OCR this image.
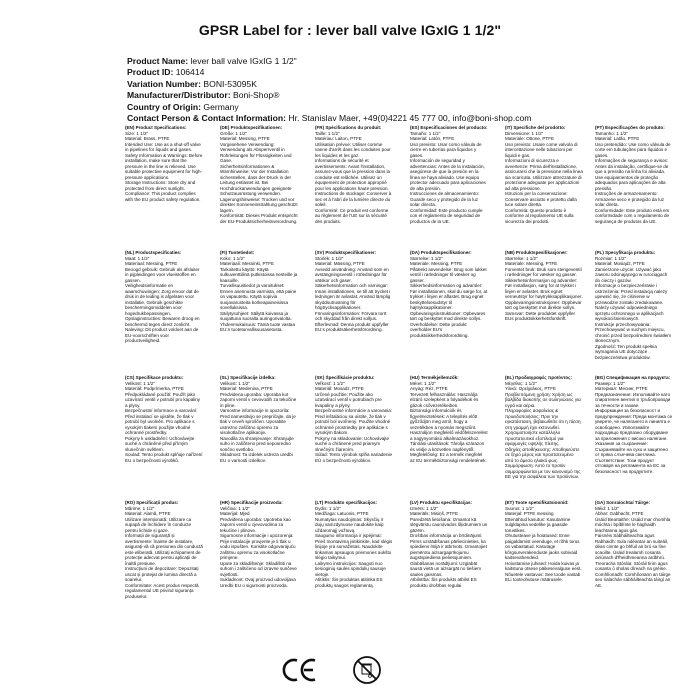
GPSR Label for : lever ball valve IGxIG 1 1/2"
Product Name: lever ball valve IGxIG 1 1/2"
Product ID: 106414
Variation Number: BONI-53095K
Manufacturer/Distributor: Boni-Shop®
Country of Origin: Germany
Contact Person & Contact Information: Hr. Stanislav Maer, +49(0)4221 45 777 00, info@boni-shop.com
(EN) Product Specifications:
Size: 1 1/2"
Material: Brass, PTFE
Intended Use: Use as a shut-off valve in pipelines for liquids and gases.
Safety Information & Warnings: Before installation, make sure that the pressure in the line is relieved. Use suitable protective equipment for high-pressure applications.
Storage Instructions: Store dry and protected from direct sunlight.
Compliance: This product complies with the EU product safety regulation.
(DE) Produktspezifikationen:
Größe: 1 1/2"
Material: Messing, PTFE
Vorgesehene Verwendung: Verwendung als Absperrventil in Rohrleitungen für Flüssigkeiten und Gase.
Sicherheitsinformationen & Warnhinweise: Vor der Installation sicherstellen, dass der Druck in der Leitung entlastet ist. Bei Hochdruckanwendungen geeignete Schutzausrüstung verwenden.
Lagerungshinweise: Trocken und vor direkter Sonneneinstrahlung geschützt lagern.
Konformität: Dieses Produkt entspricht der EU-Produktsicherheitsverordnung.
(FR) Spécifications du produit:
Taille: 1 1/2"
Matériau: Laiton, PTFE
Utilisation prévue: Utiliser comme vanne d'arrêt dans les conduites pour les liquides et les gaz.
Informations de sécurité et avertissements: Avant l'installation, assurez-vous que la pression dans la conduite est relâchée. Utilisez un équipement de protection approprié pour les applications haute pression.
Instructions de stockage: Conserver à sec et à l'abri de la lumière directe du soleil.
Conformité: Ce produit est conforme au règlement de l'UE sur la sécurité des produits.
(ES) Especificaciones del producto:
Tamaño: 1 1/2"
Material: Latón, PTFE
Uso previsto: Usar como válvula de cierre en tuberías para líquidos y gases.
Información de seguridad y advertencias: Antes de la instalación, asegúrese de que la presión en la línea se haya aliviado. Use equipo protector adecuado para aplicaciones de alta presión.
Instrucciones de almacenamiento: Guarde seco y protegido de la luz solar directa.
Conformidad: Este producto cumple con el reglamento de seguridad de productos de la UE.
(IT) Specifiche del prodotto:
Dimensione: 1 1/2"
Materiale: Ottone, PTFE
Uso previsto: Usare come valvola di intercettazione nelle tubazioni per liquidi e gas.
Informazioni di sicurezza e avvertenze: Prima dell'installazione, assicurarsi che la pressione nella linea sia scaricata. Utilizzare attrezzature di protezione adeguate per applicazioni ad alta pressione.
Istruzioni per la conservazione: Conservare asciutto e protetto dalla luce solare diretta.
Conformità: Questo prodotto è conforme al regolamento UE sulla sicurezza dei prodotti.
(PT) Especificações do produto:
Tamanho: 1 1/2"
Material: Latão, PTFE
Uso pretendido: Use como válvula de corte em tubulações para líquidos e gases.
Informações de segurança e avisos: Antes da instalação, certifique-se de que a pressão na linha foi aliviada. Use equipamentos de proteção adequados para aplicações de alta pressão.
Instruções de armazenamento: Armazene seco e protegido da luz solar direta.
Conformidade: Este produto está em conformidade com o regulamento de segurança de produtos da UE.
(NL) Productspecificaties:
Maat: 1 1/2"
Materiaal: Messing, PTFE
Beoogd gebruik: Gebruik als afsluiter in pijpleidingen voor vloeistoffen en gassen.
Veiligheidsinformatie en waarschuwingen: Zorg ervoor dat de druk in de leiding is afgelaten voor installatie. Gebruik geschikte beschermingsmiddelen voor hogedrukbepassingen.
Opslaginstructies: Bewaren droog en beschermd tegen direct zonlicht.
Naleving: Dit product voldoet aan de EU-voorschriften voor productveiligheid.
(FI) Tuotetiedot:
Koko: 1 1/2"
Materiaali: Messinki, PTFE
Tarkoitettu käyttö: Käytä sulkuventtiilinä putkistoissa nesteille ja kaasuille.
Turvallisuustiedot ja varoitukset: Ennen asennusta varmista, että paine on vapautettu. Käytä sopivia suojavarusteita korkeapaineisissa sovelluksissa.
Säilytysohjeet: Säilytä kuivassa ja suojattuna suoralta auringonvalolta.
Yhdenmukaisuus: Tämä tuote vastaa EU:n tuoteturvallisuusasetusta.
(SV) Produktspecifikationer:
Storlek: 1 1/2"
Material: Mässing, PTFE
Avsedd användning: Använd som en avstängningsventil i rörledningar för vätskor och gaser.
Säkerhetsinformation och varningar: Innan installationen, se till att trycket i ledningen är avlastat. Använd lämplig skyddsutrustning för högtrycksapplikationer.
Förvaringsinformation: Förvara torrt och skyddad från direkt solljus.
Efterlevnad: Denna produkt uppfyller EU:s produktsäkerhetsförordning.
(DA) Produktspecifikationer:
Størrelse: 1 1/2"
Materiale: Messing, PTFE
Påtænkt anvendelse: Brug som lukket ventil i rørledninger til væsker og gasser.
Sikkerhedsinformation og advarsler: Før installationen, skal du sørge for, at trykket i linjen er aflastet. Brug egnet beskyttelsesudstyr til højtryksapplikationer.
Opbevaringsinstruktioner: Opbevares tørt og beskyttet mod direkte sollys.
Overholdelse: Dette produkt overholder EU's produktsikkerhedsforordning.
(NB) Produktspesifikasjoner:
Størrelse: 1 1/2"
Materiale: Messing, PTFE
Forventet bruk: Bruk som stengeventil i rørledninger for væsker og gasser.
Sikkerhetsinformasjon og advarsler: Før installasjon, sørg for at trykket i linjen er avlastet. Bruk egnet verneutstyr for høytrykksapplikasjoner.
Oppbevaringsinstruksjoner: Oppbevar tørt og beskyttet mot direkte sollys.
Samsvar: Dette produktet oppfyller EUs produktsikkerhetsforskrift.
(PL) Specyfikacja produktu:
Rozmiar: 1 1/2"
Materiał: Mosiądz, PTFE
Zamierzone użycie: Używać jako zaworu odcinającego w rurociągach do cieczy i gazów.
Informacje o bezpieczeństwie i ostrzeżenia: Przed instalacją należy upewnić się, że ciśnienie w przewodzie zostało zredukowane. Należy używać odpowiedniego sprzętu ochronnego w aplikacjach wysokociśnieniowych.
Instrukcje przechowywania: Przechowywać w suchym miejscu, chronić przed bezpośrednim światłem słonecznym.
Zgodność: Ten produkt spełnia wymagania UE dotyczące bezpieczeństwa produktów.
(CS) Specifikace produktu:
Velikost: 1 1/2"
Materiál: Podprímerka, PTFE
Předpokládané použití: Použít jako uzavírací ventil v potrubí pro kapaliny a plyny.
Bezpečnostní informace a varování: Před instalací se ujistěte, že tlak v potrubí byl uvolněn. Pro aplikace s vysokým tlakem použijte vhodné ochranné prostředky.
Pokyny k uskladnění: Uchovávejte suché a chráněné před přímým slunečním světlem.
Soulad: Tento produkt splňuje nařízení EU o bezpečnosti výrobků.
(SL) Specifikacije izdelka:
Velikost: 1 1/2"
Material: Medenina, PTFE
Predvidena uporaba: Uporaba kot zaporni ventil v cevovodih za tekočine in pline.
Varnostne informacije in opozorila: Pred namestitvijo se prepričajte, da je tlak v ceveh sproščen. Uporabite ustrezno zaščitno opremo za visokotlačne aplikacije.
Navodila za shranjevanje: Shranjujte suho in zaščiteno pred neposredno sončno svetlobo.
Skladnost: Ta izdelek ustreza uredbi EU o varnosti izdelkov.
(SK) Špecifikácie produktu:
Veľkosť: 1 1/2"
Materiál: Mosadz, PTFE
Určené použitie: Použite ako uzatvárací ventil v potrubiach pre kvapaliny a plyny.
Bezpečnostné informácie a varovania: Pred inštaláciou sa uistite, že tlak v potrubí bol uvoľnený. Použite vhodné ochranné prostriedky pre aplikácie s vysokým tlakom.
Pokyny na skladovanie: Uchovávajte suché a chránené pred priamym slnečným žiarením.
Súlad: Tento výrobok spĺňa nariadenie EÚ o bezpečnosti výrobkov.
(HU) Termékjellemzők:
Méret: 1 1/2"
Anyag: Réz, PTFE
Tervezett felhasználás: Használja elzáró szelepként a folyadékok és gázok csővezetékeiben.
Biztonsági információk és figyelmeztetések: A telepítés előtt győződjön meg arról, hogy a vezetékben a nyomás megszűnt. Használjon megfelelő védőfelszerelést a nagynyomású alkalmazásokhoz.
Tárolási utasítások: Tárolja szárazon és védje a közvetlen napfénytől.
Megfelelőség: Ez a termék megfelel az EU termékbiztonsági rendeletének.
(EL) Προδιαγραφές προϊόντος:
Μέγεθος: 1 1/2"
Υλικό: Ορείχαλκος, PTFE
Προβλεπόμενη χρήση: Χρήση ως βαλβίδα διακοπής σε σωληνώσεις για υγρά και αέρια.
Πληροφορίες ασφαλείας & προειδοποιήσεις: Πριν την εγκατάσταση, βεβαιωθείτε ότι η πίεση στη γραμμή έχει εκτονωθεί. Χρησιμοποιήστε κατάλληλο προστατευτικό εξοπλισμό για εφαρμογές υψηλής πίεσης.
Οδηγίες αποθήκευσης: Αποθηκεύστε σε ξηρό μέρος και προστατευμένο από το άμεσο ηλιακό φως.
Συμμόρφωση: Αυτό το προϊόν συμμορφώνεται με τον κανονισμό της ΕΕ για την ασφάλεια των προϊόντων.
(BG) Спецификация на продукта:
Размер: 1 1/2"
Материал: Месинг, PTFE
Предназначение: Използвайте като спирателен вентил в тръбопроводи за течности и газове.
Информация за безопасност и предупреждения: Преди монтажа се уверете, че налягането в линията е освободено. Използвайте подходящо предпазно оборудване за приложения с високо налягане.
Указания за съхранение: Съхранявайте на сухо и защитено от пряка слънчева светлина.
Съответствие: Този продукт отговаря на регламента на ЕС за безопасност на продуктите.
(RO) Specificații produs:
Mărime: 1 1/2"
Material: Alamă, PTFE
Utilizare intenționată: Utilizare ca supapă de închidere în conducte pentru lichide și gaze.
Informații de siguranță și avertismente: Înainte de instalare, asigurați-vă că presiunea din conductă este eliberată. Utilizați echipament de protecție adecvat pentru aplicații de înaltă presiune.
Instrucțiuni de depozitare: Depozitați uscat și protejat de lumina directă a soarelui.
Conformitate: Acest produs respectă regulamentul UE privind siguranța produselor.
(HR) Specifikacije proizvoda:
Veličina: 1 1/2"
Materijal: Mjed
Predviđena uporaba: Upotreba kao zaporni ventil u cjevovodima za tekućine i plinove.
Sigurnosne informacije i upozorenja: Prije instalacije provjerite je li tlak u vodu ispušten. Koristite odgovarajuću zaštitnu opremu za visokotlačne primjene.
Upute za skladištenje: Skladištiti na suhom i zaštićeno od izravne sunčeve svjetlosti.
Sukladnost: Ovaj proizvod udovoljava Uredbi EU o sigurnosti proizvoda.
(LT) Produkto specifikacijos:
Dydis: 1 1/2"
Medžiaga: Latuonis, PTFE
Numatytas naudojimas: Skysčių ir dujų vamzdynuose naudokite kaip uždaromąjį vožtuvą.
Saugumo informacija ir įspėjimai: Prieš montavimą įsitikinkite, kad slėgis linijoje yra sumažintas. Naudokite tinkamas apsaugos priemones aukšto slėgio taikymui.
Laikymo instrukcijos: Saugoti nuo tiesioginių saulės spindulių sausoje vietoje.
Atitiktis: Šis produktas atitinka ES produktų saugos reglamentą.
(LV) Produktu specifikācijas:
Izmērs: 1 1/2"
Materiāls: Misiņš, PTFE
Paredzētā lietošana: Izmantot kā slēgvārstu cauruļvados šķidrumiem un gāzēm.
Drošības informācija un brīdinājumi: Pirms uzstādīšanas pārliecinieties, ka spiediens līnijā ir atbrīvots. Izmantojiet piemērotu aizsargaprīkojumu augstspiediena pielietojumiem.
Glabāšanas norādījumi: Uzglabāt sausā vietā un aizsargāt no tiešiem saules gaismas.
Atbilstība: Šis produkts atbilst ES produktu drošības regulai.
(ET) Toote spetsifikatsioonid:
Suurus: 1 1/2"
Materjal: PTFE messing
Ettenähtud kasutus: Kasutamine sulgklapina vedelike ja gaaside torustikes.
Ohutusteave ja hoiatused: Enne paigaldamist veenduge, et rõhk torus on vabastatud. Kasutage kõrgsurverakenduste jaoks sobivaid kaitsevahendeid.
Hoiustamise juhised: Hoida kuivas ja kaitstuna otsese päikesevalguse eest.
Nõuetele vastavus: See toode vastab ELi tooteohutuse määrusele.
(GA) Sonraíochtaí Táirge:
Méid: 1 1/2"
Ábhar: Gabhacht, PTFE
Úsáid Beartaithe: Úsáid mar chomhla múchta i bpíblínte le haghaidh leachtanna agus gás.
Faisnéis Sábháilteachta agus Rabhaidh: Sula ndéantar an suiteáil, déan cinnte go bhfuil an brú sa líne scaoilte. Úsáid trealamh cosanta oiriúnach d'fheidhmeanna ardbhrú.
Treoracha Stórála: Stóráil tirim agus cosanta ó sholas díreach na gréine.
Comhlíonadh: Comhlíonann an táirge seo rialachán sábháilteachta táirgí an AE.
